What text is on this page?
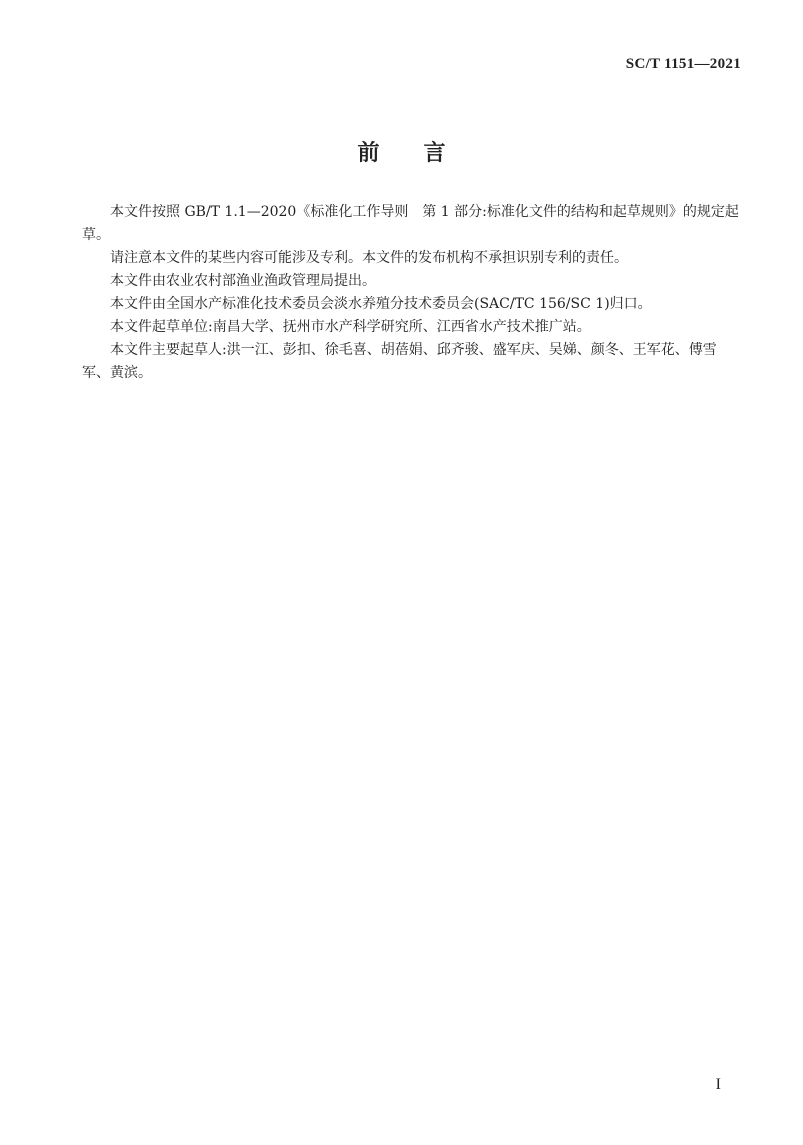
SC/T 1151—2021
前 言

本文件按照 GB/T 1.1—2020《标准化工作导则　第 1 部分:标准化文件的结构和起草规则》的规定起草。

请注意本文件的某些内容可能涉及专利。本文件的发布机构不承担识别专利的责任。

本文件由农业农村部渔业渔政管理局提出。

本文件由全国水产标准化技术委员会淡水养殖分技术委员会(SAC/TC 156/SC 1)归口。

本文件起草单位:南昌大学、抚州市水产科学研究所、江西省水产技术推广站。

本文件主要起草人:洪一江、彭扣、徐毛喜、胡蓓娟、邱齐骏、盛军庆、吴娣、颜冬、王军花、傅雪军、黄滨。

I
